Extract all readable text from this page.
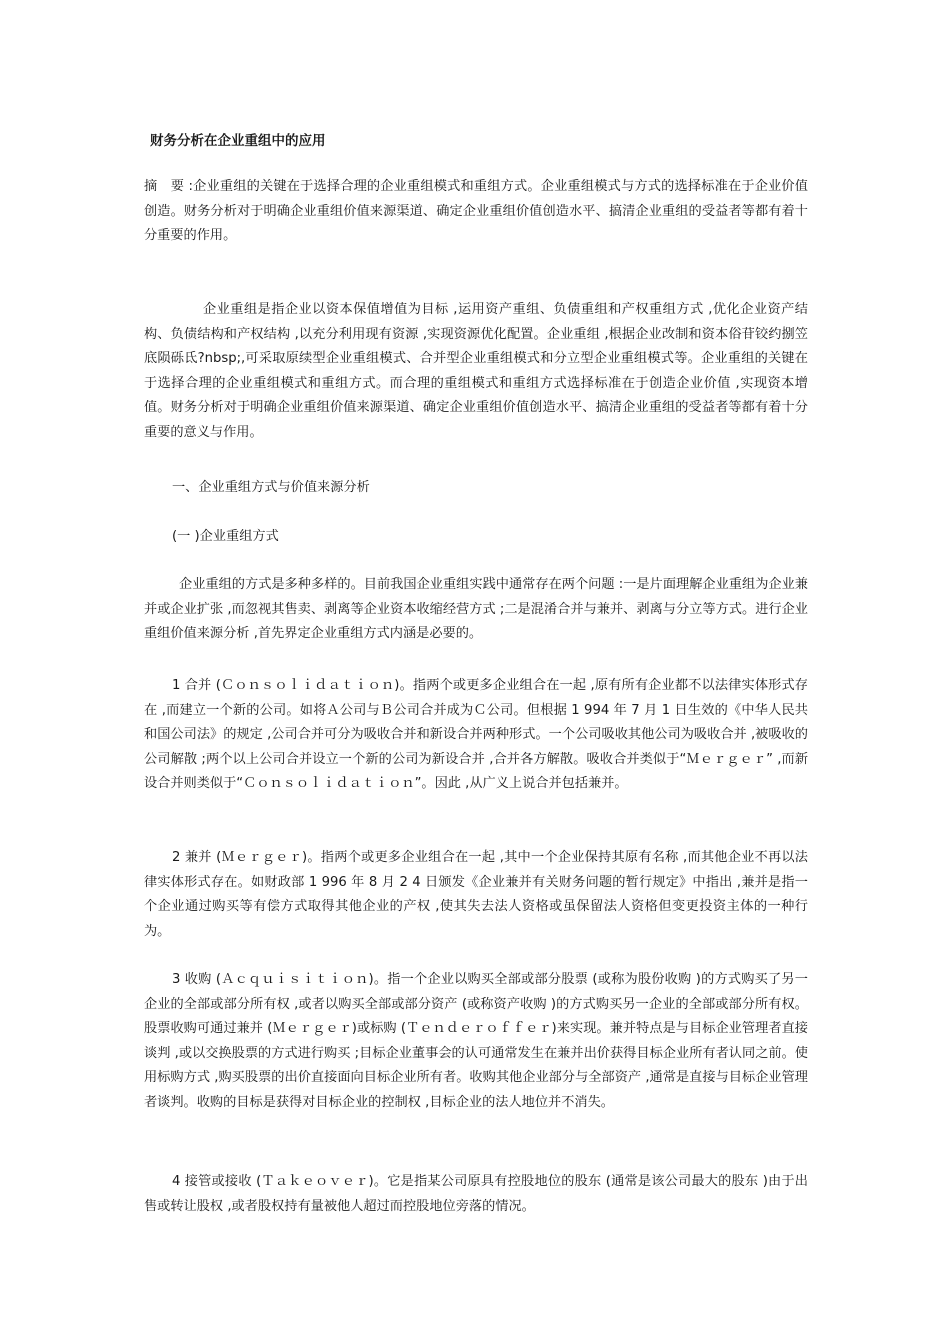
财务分析在企业重组中的应用

摘　要 :企业重组的关键在于选择合理的企业重组模式和重组方式。企业重组模式与方式的选择标准在于企业价值创造。财务分析对于明确企业重组价值来源渠道、确定企业重组价值创造水平、搞清企业重组的受益者等都有着十分重要的作用。

企业重组是指企业以资本保值增值为目标 ,运用资产重组、负债重组和产权重组方式 ,优化企业资产结构、负债结构和产权结构 ,以充分利用现有资源 ,实现资源优化配置。企业重组 ,根据企业改制和资本俗苷铰约捌笠底陨砾氐?nbsp;,可采取原续型企业重组模式、合并型企业重组模式和分立型企业重组模式等。企业重组的关键在于选择合理的企业重组模式和重组方式。而合理的重组模式和重组方式选择标准在于创造企业价值 ,实现资本增值。财务分析对于明确企业重组价值来源渠道、确定企业重组价值创造水平、搞清企业重组的受益者等都有着十分重要的意义与作用。

一、企业重组方式与价值来源分析
(一 )企业重组方式

企业重组的方式是多种多样的。目前我国企业重组实践中通常存在两个问题 :一是片面理解企业重组为企业兼并或企业扩张 ,而忽视其售卖、剥离等企业资本收缩经营方式 ;二是混淆合并与兼并、剥离与分立等方式。进行企业重组价值来源分析 ,首先界定企业重组方式内涵是必要的。

1 合并 (Ｃｏｎｓｏｌｉｄａｔｉｏｎ)。指两个或更多企业组合在一起 ,原有所有企业都不以法律实体形式存在 ,而建立一个新的公司。如将Ａ公司与Ｂ公司合并成为Ｃ公司。但根据 1 994 年 7 月 1 日生效的《中华人民共和国公司法》的规定 ,公司合并可分为吸收合并和新设合并两种形式。一个公司吸收其他公司为吸收合并 ,被吸收的公司解散 ;两个以上公司合并设立一个新的公司为新设合并 ,合并各方解散。吸收合并类似于“Ｍｅｒｇｅｒ” ,而新设合并则类似于“Ｃｏｎｓｏｌｉｄａｔｉｏｎ”。因此 ,从广义上说合并包括兼并。

2 兼并 (Ｍｅｒｇｅｒ)。指两个或更多企业组合在一起 ,其中一个企业保持其原有名称 ,而其他企业不再以法律实体形式存在。如财政部 1 996 年 8 月 2 4 日颁发《企业兼并有关财务问题的暂行规定》中指出 ,兼并是指一个企业通过购买等有偿方式取得其他企业的产权 ,使其失去法人资格或虽保留法人资格但变更投资主体的一种行为。

3 收购 (Ａｃｑｕｉｓｉｔｉｏｎ)。指一个企业以购买全部或部分股票 (或称为股份收购 )的方式购买了另一企业的全部或部分所有权 ,或者以购买全部或部分资产 (或称资产收购 )的方式购买另一企业的全部或部分所有权。股票收购可通过兼并 (Ｍｅｒｇｅｒ)或标购 (Ｔｅｎｄｅｒｏｆｆｅｒ)来实现。兼并特点是与目标企业管理者直接谈判 ,或以交换股票的方式进行购买 ;目标企业董事会的认可通常发生在兼并出价获得目标企业所有者认同之前。使用标购方式 ,购买股票的出价直接面向目标企业所有者。收购其他企业部分与全部资产 ,通常是直接与目标企业管理者谈判。收购的目标是获得对目标企业的控制权 ,目标企业的法人地位并不消失。

4 接管或接收 (Ｔａｋｅｏｖｅｒ)。它是指某公司原具有控股地位的股东 (通常是该公司最大的股东 )由于出售或转让股权 ,或者股权持有量被他人超过而控股地位旁落的情况。
